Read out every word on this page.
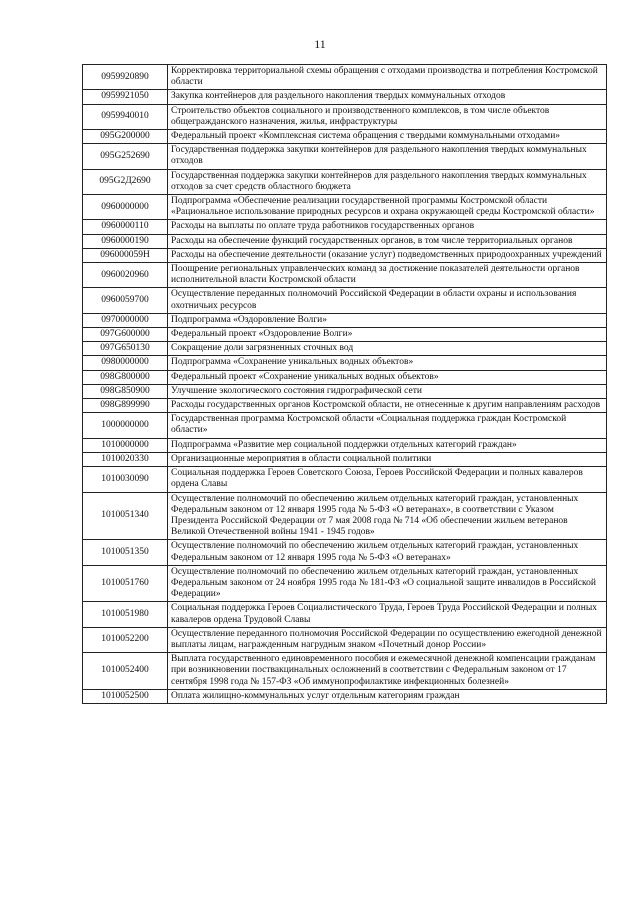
11
0959920890	Корректировка территориальной схемы обращения с отходами производства и потребления Костромской области
0959921050	Закупка контейнеров для раздельного накопления твердых коммунальных отходов
0959940010	Строительство объектов социального и производственного комплексов, в том числе объектов общегражданского назначения, жилья, инфраструктуры
095G200000	Федеральный проект «Комплексная система обращения с твердыми коммунальными отходами»
095G252690	Государственная поддержка закупки контейнеров для раздельного накопления твердых коммунальных отходов
095G2Д2690	Государственная поддержка закупки контейнеров для раздельного накопления твердых коммунальных отходов за счет средств областного бюджета
0960000000	Подпрограмма «Обеспечение реализации государственной программы Костромской области «Рациональное использование природных ресурсов и охрана окружающей среды Костромской области»
0960000110	Расходы на выплаты по оплате труда работников государственных органов
0960000190	Расходы на обеспечение функций государственных органов, в том числе территориальных органов
096000059Н	Расходы на обеспечение деятельности (оказание услуг) подведомственных природоохранных учреждений
0960020960	Поощрение региональных управленческих команд за достижение показателей деятельности органов исполнительной власти Костромской области
0960059700	Осуществление переданных полномочий Российской Федерации в области охраны и использования охотничьих ресурсов
0970000000	Подпрограмма «Оздоровление Волги»
097G600000	Федеральный проект «Оздоровление Волги»
097G650130	Сокращение доли загрязненных сточных вод
0980000000	Подпрограмма «Сохранение уникальных водных объектов»
098G800000	Федеральный проект «Сохранение уникальных водных объектов»
098G850900	Улучшение экологического состояния гидрографической сети
098G899990	Расходы государственных органов Костромской области, не отнесенные к другим направлениям расходов
1000000000	Государственная программа Костромской области «Социальная поддержка граждан Костромской области»
1010000000	Подпрограмма «Развитие мер социальной поддержки отдельных категорий граждан»
1010020330	Организационные мероприятия в области социальной политики
1010030090	Социальная поддержка Героев Советского Союза, Героев Российской Федерации и полных кавалеров ордена Славы
1010051340	Осуществление полномочий по обеспечению жильем отдельных категорий граждан, установленных Федеральным законом от 12 января 1995 года № 5-ФЗ «О ветеранах», в соответствии с Указом Президента Российской Федерации от 7 мая 2008 года № 714 «Об обеспечении жильем ветеранов Великой Отечественной войны 1941 - 1945 годов»
1010051350	Осуществление полномочий по обеспечению жильем отдельных категорий граждан, установленных Федеральным законом от 12 января 1995 года № 5-ФЗ «О ветеранах»
1010051760	Осуществление полномочий по обеспечению жильем отдельных категорий граждан, установленных Федеральным законом от 24 ноября 1995 года № 181-ФЗ «О социальной защите инвалидов в Российской Федерации»
1010051980	Социальная поддержка Героев Социалистического Труда, Героев Труда Российской Федерации и полных кавалеров ордена Трудовой Славы
1010052200	Осуществление переданного полномочия Российской Федерации по осуществлению ежегодной денежной выплаты лицам, награжденным нагрудным знаком «Почетный донор России»
1010052400	Выплата государственного единовременного пособия и ежемесячной денежной компенсации гражданам при возникновении поствакцинальных осложнений в соответствии с Федеральным законом от 17 сентября 1998 года № 157-ФЗ «Об иммунопрофилактике инфекционных болезней»
1010052500	Оплата жилищно-коммунальных услуг отдельным категориям граждан
